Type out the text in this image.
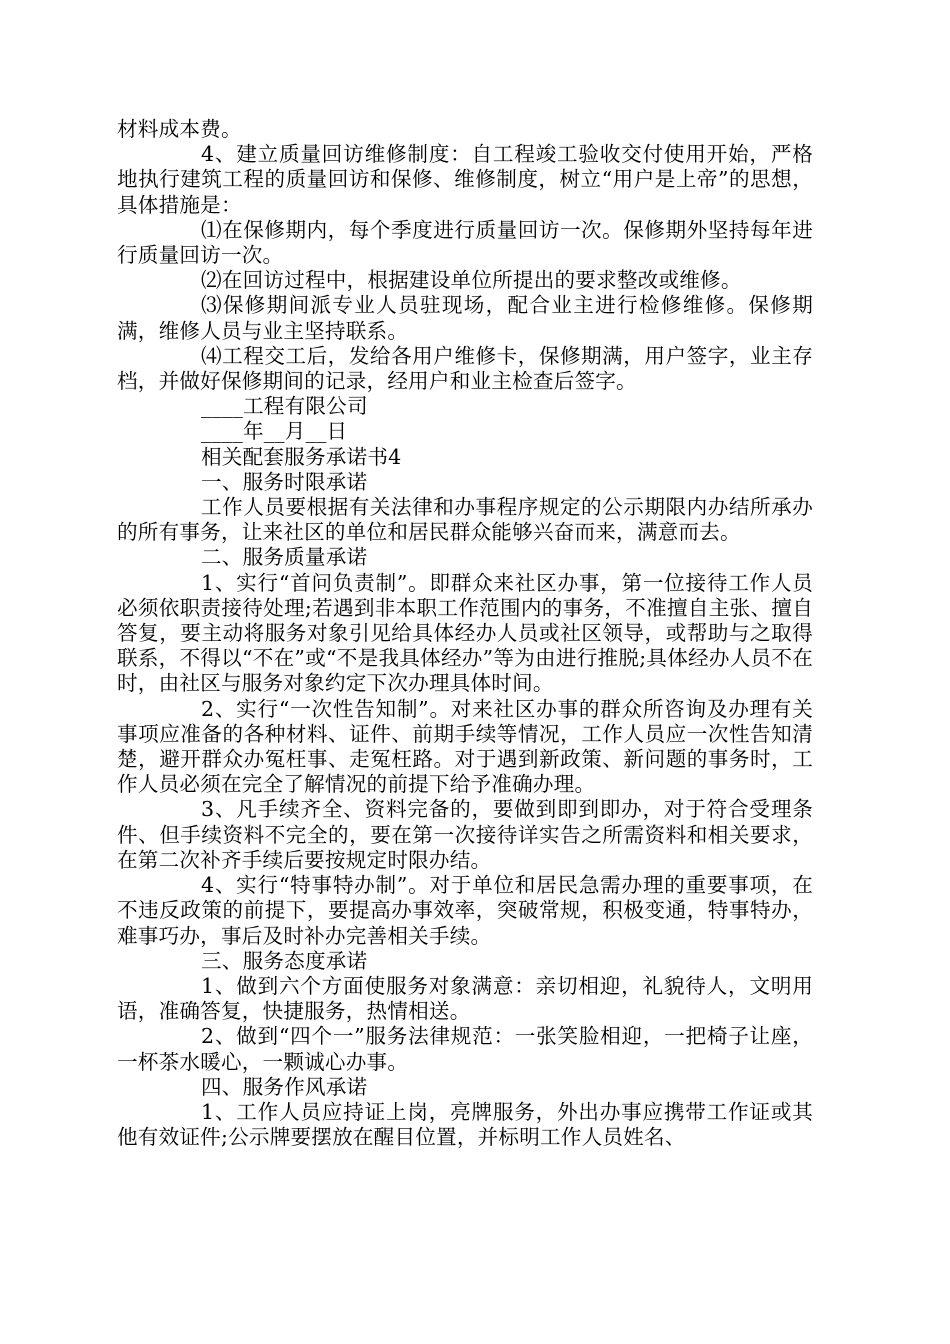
材料成本费。

4、建立质量回访维修制度：自工程竣工验收交付使用开始，严格地执行建筑工程的质量回访和保修、维修制度，树立“用户是上帝”的思想，具体措施是：

⑴在保修期内，每个季度进行质量回访一次。保修期外坚持每年进行质量回访一次。

⑵在回访过程中，根据建设单位所提出的要求整改或维修。

⑶保修期间派专业人员驻现场，配合业主进行检修维修。保修期满，维修人员与业主坚持联系。

⑷工程交工后，发给各用户维修卡，保修期满，用户签字，业主存档，并做好保修期间的记录，经用户和业主检查后签字。

____工程有限公司

____年__月__日

相关配套服务承诺书4

一、服务时限承诺

工作人员要根据有关法律和办事程序规定的公示期限内办结所承办的所有事务，让来社区的单位和居民群众能够兴奋而来，满意而去。

二、服务质量承诺

1、实行“首问负责制”。即群众来社区办事，第一位接待工作人员必须依职责接待处理;若遇到非本职工作范围内的事务，不准擅自主张、擅自答复，要主动将服务对象引见给具体经办人员或社区领导，或帮助与之取得联系，不得以“不在”或“不是我具体经办”等为由进行推脱;具体经办人员不在时，由社区与服务对象约定下次办理具体时间。

2、实行“一次性告知制”。对来社区办事的群众所咨询及办理有关事项应准备的各种材料、证件、前期手续等情况，工作人员应一次性告知清楚，避开群众办冤枉事、走冤枉路。对于遇到新政策、新问题的事务时，工作人员必须在完全了解情况的前提下给予准确办理。

3、凡手续齐全、资料完备的，要做到即到即办，对于符合受理条件、但手续资料不完全的，要在第一次接待详实告之所需资料和相关要求，在第二次补齐手续后要按规定时限办结。

4、实行“特事特办制”。对于单位和居民急需办理的重要事项，在不违反政策的前提下，要提高办事效率，突破常规，积极变通，特事特办，难事巧办，事后及时补办完善相关手续。

三、服务态度承诺

1、做到六个方面使服务对象满意：亲切相迎，礼貌待人，文明用语，准确答复，快捷服务，热情相送。

2、做到“四个一”服务法律规范：一张笑脸相迎，一把椅子让座，一杯茶水暖心，一颗诚心办事。

四、服务作风承诺

1、工作人员应持证上岗，亮牌服务，外出办事应携带工作证或其他有效证件;公示牌要摆放在醒目位置，并标明工作人员姓名、
